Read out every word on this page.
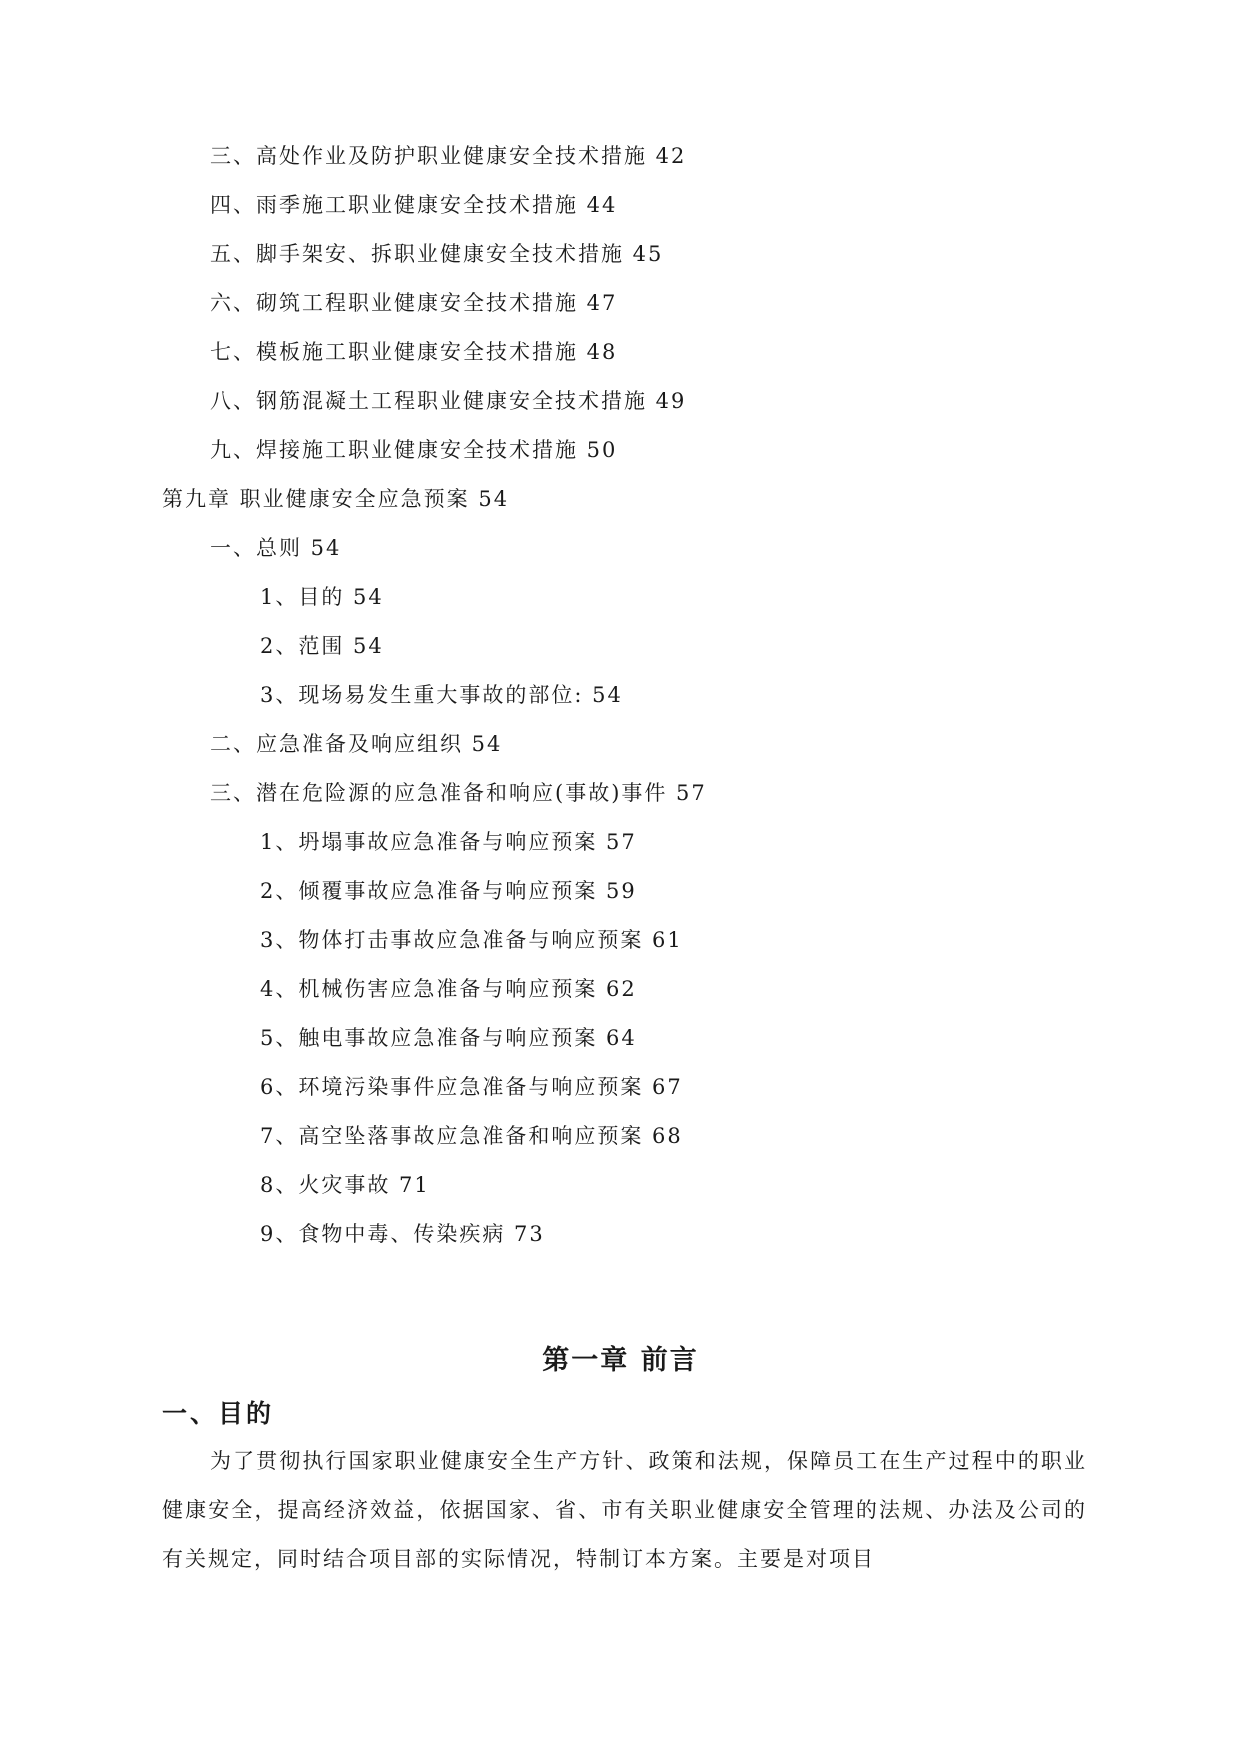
三、高处作业及防护职业健康安全技术措施 42
四、雨季施工职业健康安全技术措施 44
五、脚手架安、拆职业健康安全技术措施 45
六、砌筑工程职业健康安全技术措施 47
七、模板施工职业健康安全技术措施 48
八、钢筋混凝土工程职业健康安全技术措施 49
九、焊接施工职业健康安全技术措施 50
第九章 职业健康安全应急预案 54
一、总则 54
1、目的 54
2、范围 54
3、现场易发生重大事故的部位: 54
二、应急准备及响应组织 54
三、潜在危险源的应急准备和响应(事故)事件 57
1、坍塌事故应急准备与响应预案 57
2、倾覆事故应急准备与响应预案 59
3、物体打击事故应急准备与响应预案 61
4、机械伤害应急准备与响应预案 62
5、触电事故应急准备与响应预案 64
6、环境污染事件应急准备与响应预案 67
7、高空坠落事故应急准备和响应预案 68
8、火灾事故 71
9、食物中毒、传染疾病 73
第一章 前言
一、目的
为了贯彻执行国家职业健康安全生产方针、政策和法规，保障员工在生产过程中的职业健康安全，提高经济效益，依据国家、省、市有关职业健康安全管理的法规、办法及公司的有关规定，同时结合项目部的实际情况，特制订本方案。主要是对项目
